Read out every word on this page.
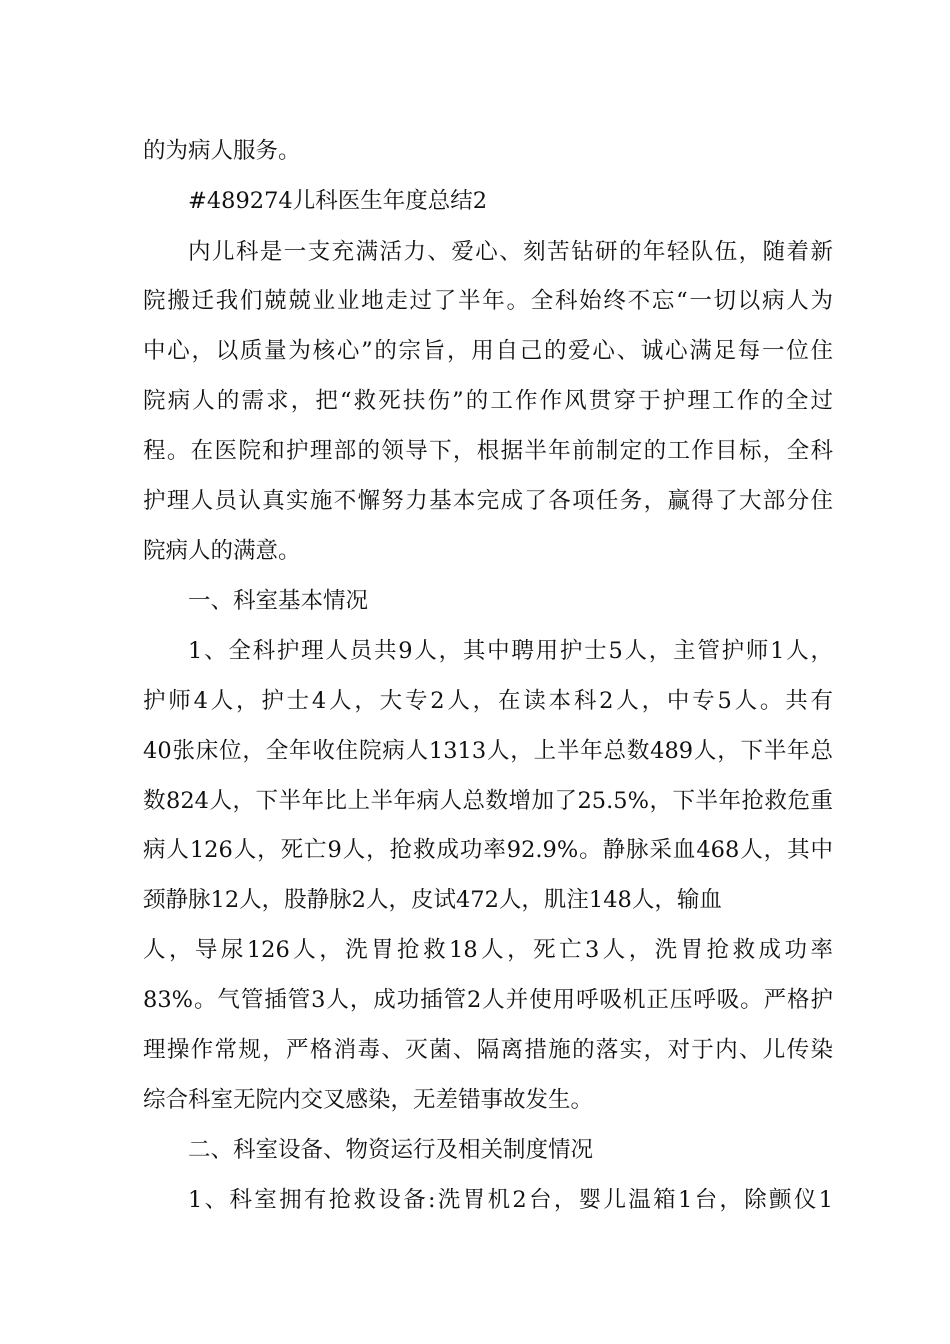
的为病人服务。

#489274儿科医生年度总结2

内儿科是一支充满活力、爱心、刻苦钻研的年轻队伍，随着新

院搬迁我们兢兢业业地走过了半年。全科始终不忘“一切以病人为

中心，以质量为核心”的宗旨，用自己的爱心、诚心满足每一位住

院病人的需求，把“救死扶伤”的工作作风贯穿于护理工作的全过

程。在医院和护理部的领导下，根据半年前制定的工作目标，全科

护理人员认真实施不懈努力基本完成了各项任务，赢得了大部分住

院病人的满意。

一、科室基本情况

1、全科护理人员共9人，其中聘用护士5人，主管护师1人，

护师4人，护士4人，大专2人，在读本科2人，中专5人。共有

40张床位，全年收住院病人1313人，上半年总数489人，下半年总

数824人，下半年比上半年病人总数增加了25.5%，下半年抢救危重

病人126人，死亡9人，抢救成功率92.9%。静脉采血468人，其中

颈静脉12人，股静脉2人，皮试472人，肌注148人，输血

人，导尿126人，洗胃抢救18人，死亡3人，洗胃抢救成功率

83%。气管插管3人，成功插管2人并使用呼吸机正压呼吸。严格护

理操作常规，严格消毒、灭菌、隔离措施的落实，对于内、儿传染

综合科室无院内交叉感染，无差错事故发生。

二、科室设备、物资运行及相关制度情况

1、科室拥有抢救设备:洗胃机2台，婴儿温箱1台，除颤仪1
